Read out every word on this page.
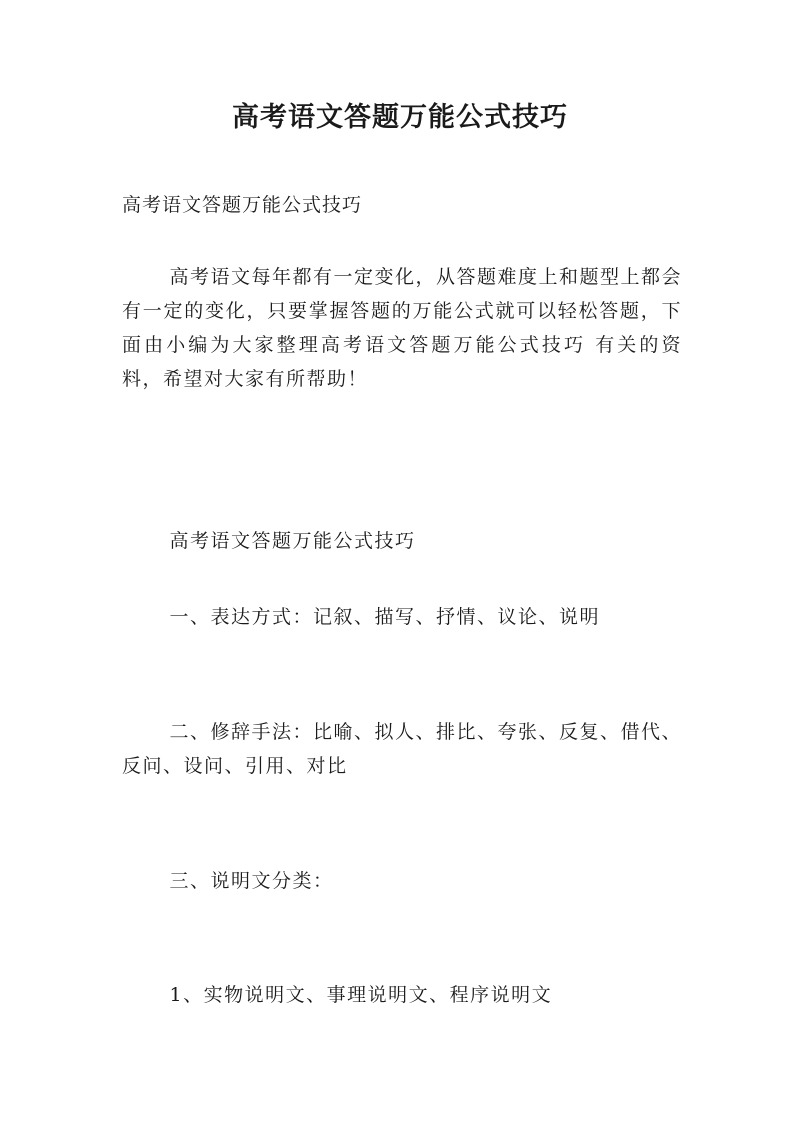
高考语文答题万能公式技巧

高考语文答题万能公式技巧

高考语文每年都有一定变化，从答题难度上和题型上都会有一定的变化，只要掌握答题的万能公式就可以轻松答题，下面由小编为大家整理高考语文答题万能公式技巧 有关的资料，希望对大家有所帮助！

高考语文答题万能公式技巧

一、表达方式：记叙、描写、抒情、议论、说明

二、修辞手法：比喻、拟人、排比、夸张、反复、借代、反问、设问、引用、对比

三、说明文分类：

1、实物说明文、事理说明文、程序说明文
